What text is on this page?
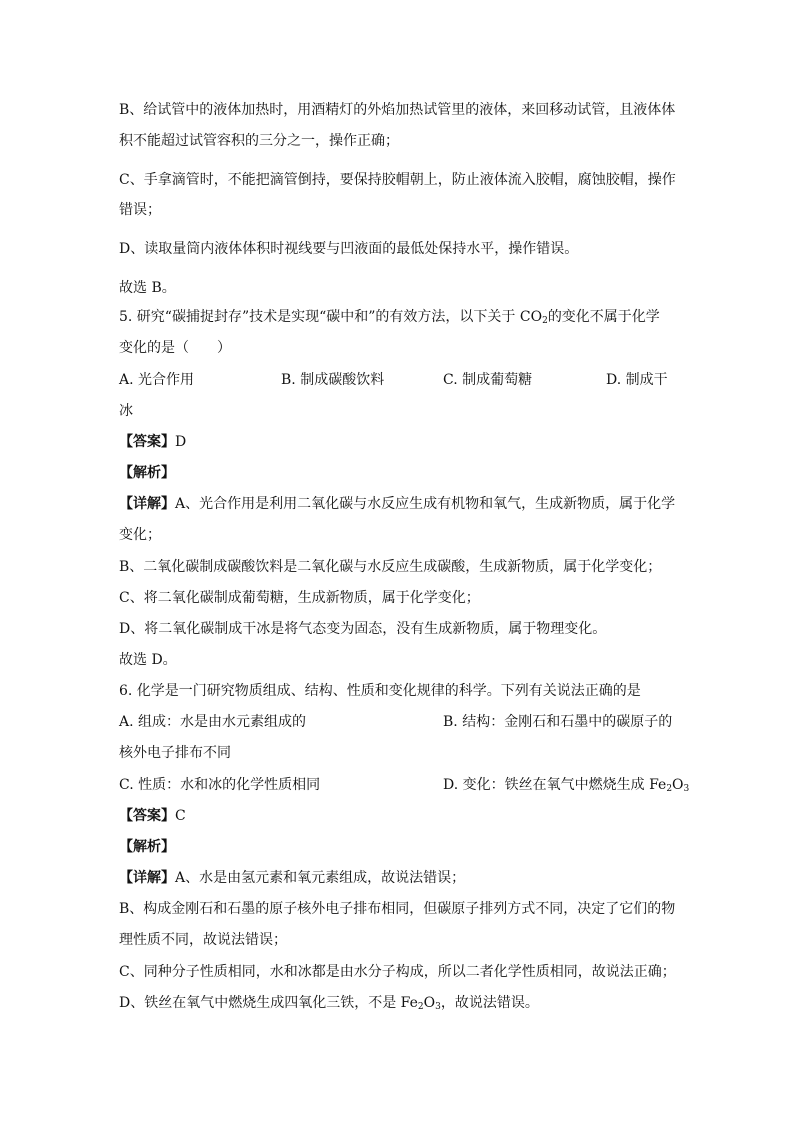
B、给试管中的液体加热时，用酒精灯的外焰加热试管里的液体，来回移动试管，且液体体
积不能超过试管容积的三分之一，操作正确；
C、手拿滴管时，不能把滴管倒持，要保持胶帽朝上，防止液体流入胶帽，腐蚀胶帽，操作
错误；
D、读取量筒内液体体积时视线要与凹液面的最低处保持水平，操作错误。
故选 B。
5. 研究“碳捕捉封存”技术是实现“碳中和”的有效方法，以下关于 $CO_2$的变化不属于化学
变化的是（　　）
A. 光合作用	B. 制成碳酸饮料	C. 制成葡萄糖	D. 制成干
冰
【答案】D
【解析】
【详解】A、光合作用是利用二氧化碳与水反应生成有机物和氧气，生成新物质，属于化学
变化；
B、二氧化碳制成碳酸饮料是二氧化碳与水反应生成碳酸，生成新物质，属于化学变化；
C、将二氧化碳制成葡萄糖，生成新物质，属于化学变化；
D、将二氧化碳制成干冰是将气态变为固态，没有生成新物质，属于物理变化。
故选 D。
6. 化学是一门研究物质组成、结构、性质和变化规律的科学。下列有关说法正确的是
A. 组成：水是由水元素组成的	B. 结构：金刚石和石墨中的碳原子的
核外电子排布不同
C. 性质：水和冰的化学性质相同	D. 变化：铁丝在氧气中燃烧生成 $Fe_2O_3$
【答案】C
【解析】
【详解】A、水是由氢元素和氧元素组成，故说法错误；
B、构成金刚石和石墨的原子核外电子排布相同，但碳原子排列方式不同，决定了它们的物
理性质不同，故说法错误；
C、同种分子性质相同，水和冰都是由水分子构成，所以二者化学性质相同，故说法正确；
D、铁丝在氧气中燃烧生成四氧化三铁，不是 $Fe_2O_3$，故说法错误。
